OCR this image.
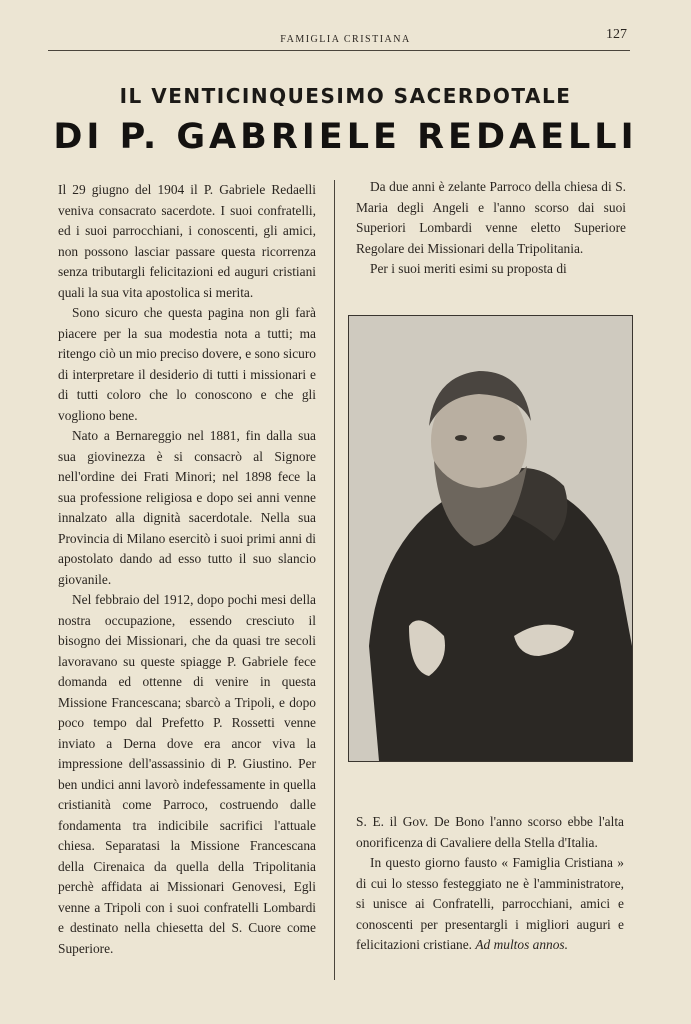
FAMIGLIA CRISTIANA	127
IL VENTICINQUESIMO SACERDOTALE
DI P. GABRIELE REDAELLI

Il 29 giugno del 1904 il P. Gabriele Redaelli veniva consacrato sacerdote. I suoi confratelli, ed i suoi parrocchiani, i conoscenti, gli amici, non possono lasciar passare questa ricorrenza senza tributargli felicitazioni ed auguri cristiani quali la sua vita apostolica si merita.

Sono sicuro che questa pagina non gli farà piacere per la sua modestia nota a tutti; ma ritengo ciò un mio preciso dovere, e sono sicuro di interpretare il desiderio di tutti i missionari e di tutti coloro che lo conoscono e che gli vogliono bene.

Nato a Bernareggio nel 1881, fin dalla sua sua giovinezza è si consacrò al Signore nell'ordine dei Frati Minori; nel 1898 fece la sua professione religiosa e dopo sei anni venne innalzato alla dignità sacerdotale. Nella sua Provincia di Milano esercitò i suoi primi anni di apostolato dando ad esso tutto il suo slancio giovanile.

Nel febbraio del 1912, dopo pochi mesi della nostra occupazione, essendo cresciuto il bisogno dei Missionari, che da quasi tre secoli lavoravano su queste spiagge P. Gabriele fece domanda ed ottenne di venire in questa Missione Francescana; sbarcò a Tripoli, e dopo poco tempo dal Prefetto P. Rossetti venne inviato a Derna dove era ancor viva la impressione dell'assassinio di P. Giustino. Per ben undici anni lavorò indefessamente in quella cristianità come Parroco, costruendo dalle fondamenta tra indicibile sacrifici l'attuale chiesa. Separatasi la Missione Francescana della Cirenaica da quella della Tripolitania perchè affidata ai Missionari Genovesi, Egli venne a Tripoli con i suoi confratelli Lombardi e destinato nella chiesetta del S. Cuore come Superiore.

Da due anni è zelante Parroco della chiesa di S. Maria degli Angeli e l'anno scorso dai suoi Superiori Lombardi venne eletto Superiore Regolare dei Missionari della Tripolitania.

Per i suoi meriti esimi su proposta di

S. E. il Gov. De Bono l'anno scorso ebbe l'alta onorificenza di Cavaliere della Stella d'Italia.

In questo giorno fausto « Famiglia Cristiana » di cui lo stesso festeggiato ne è l'amministratore, si unisce ai Confratelli, parrocchiani, amici e conoscenti per presentargli i migliori auguri e felicitazioni cristiane. Ad multos annos.
